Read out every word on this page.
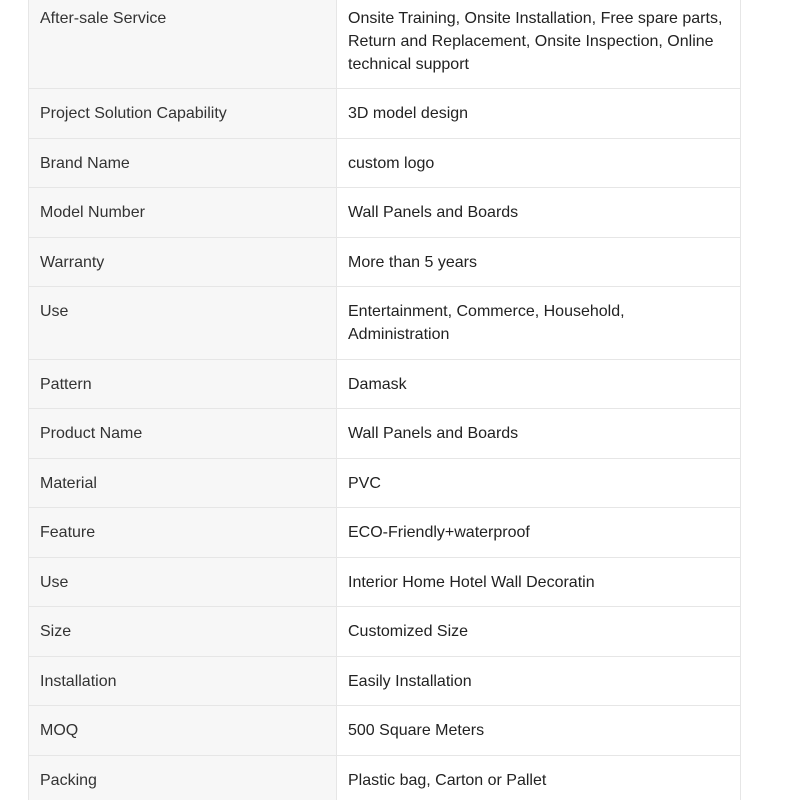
After-sale Service	Onsite Training, Onsite Installation, Free spare parts, Return and Replacement, Onsite Inspection, Online technical support
Project Solution Capability	3D model design
Brand Name	custom logo
Model Number	Wall Panels and Boards
Warranty	More than 5 years
Use	Entertainment, Commerce, Household, Administration
Pattern	Damask
Product Name	Wall Panels and Boards
Material	PVC
Feature	ECO-Friendly+waterproof
Use	Interior Home Hotel Wall Decoratin
Size	Customized Size
Installation	Easily Installation
MOQ	500 Square Meters
Packing	Plastic bag, Carton or Pallet
